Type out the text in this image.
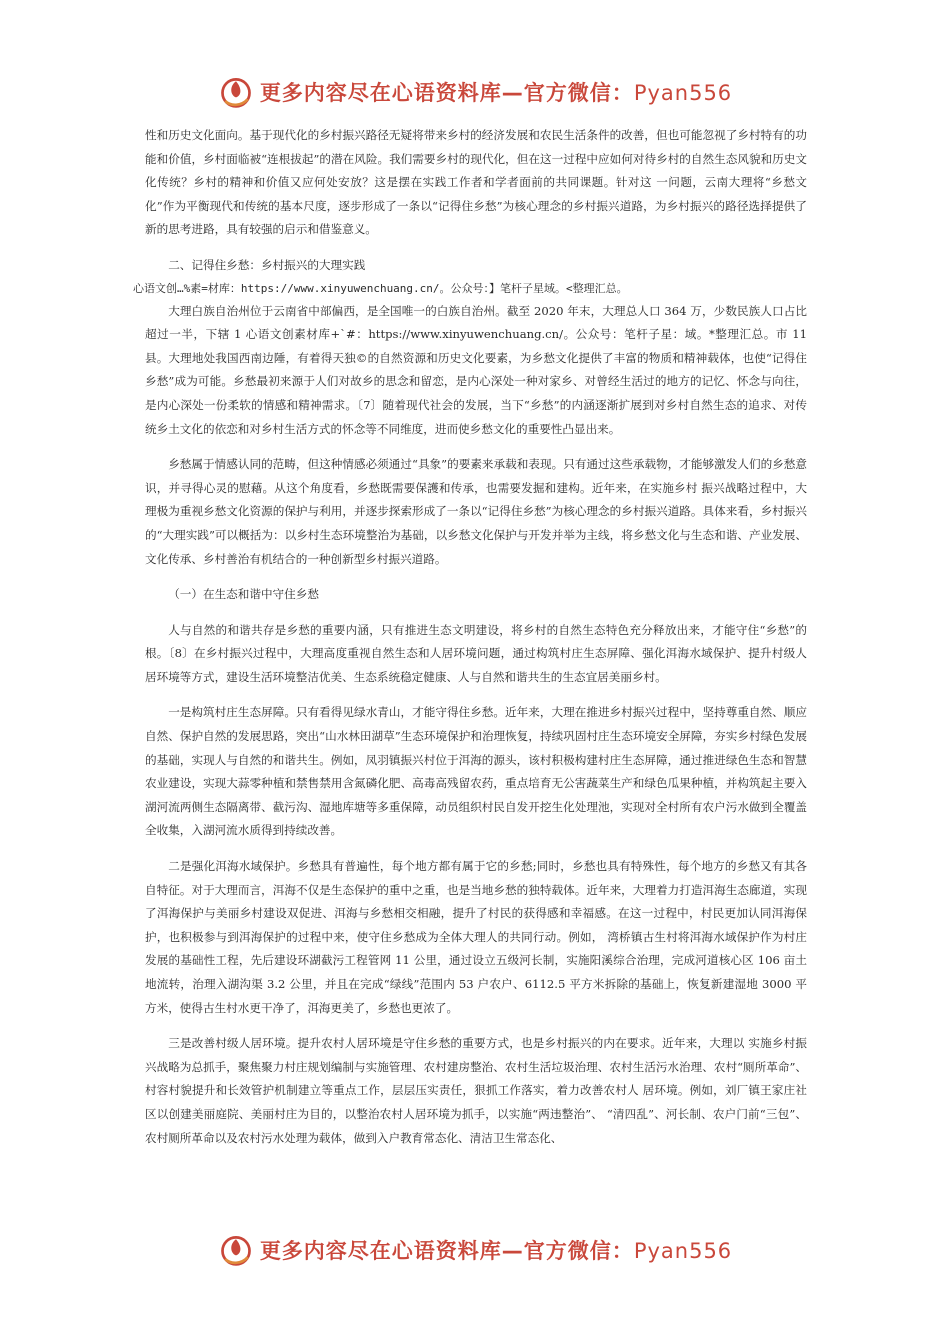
更多内容尽在心语资料库—官方微信：Pyan556

性和历史文化面向。基于现代化的乡村振兴路径无疑将带来乡村的经济发展和农民生活条件的改善，但也可能忽视了乡村特有的功能和价值，乡村面临被“连根拔起”的潜在风险。我们需要乡村的现代化，但在这一过程中应如何对待乡村的自然生态风貌和历史文化传统？乡村的精神和价值又应何处安放？这是摆在实践工作者和学者面前的共同课题。针对这 一问题，云南大理将“乡愁文化”作为平衡现代和传统的基本尺度，逐步形成了一条以“记得住乡愁”为核心理念的乡村振兴道路，为乡村振兴的路径选择提供了新的思考进路，具有较强的启示和借鉴意义。

二、记得住乡愁：乡村振兴的大理实践

心语文创…%素=材库：https://www.xinyuwenchuang.cn/。公众号：】笔杆子星域。<整理汇总。

大理白族自治州位于云南省中部偏西，是全国唯一的白族自治州。截至 2020 年末，大理总人口 364 万，少数民族人口占比超过一半，下辖 1 心语文创素材库+`#：https://www.xinyuwenchuang.cn/。公众号：笔杆子星：域。*整理汇总。市 11 县。大理地处我国西南边陲，有着得天独©的自然资源和历史文化要素，为乡愁文化提供了丰富的物质和精神载体，也使“记得住乡愁”成为可能。乡愁最初来源于人们对故乡的思念和留恋，是内心深处一种对家乡、对曾经生活过的地方的记忆、怀念与向往，是内心深处一份柔软的情感和精神需求。〔7〕随着现代社会的发展，当下“乡愁”的内涵逐渐扩展到对乡村自然生态的追求、对传统乡土文化的依恋和对乡村生活方式的怀念等不同维度，进而使乡愁文化的重要性凸显出来。

乡愁属于情感认同的范畴，但这种情感必须通过“具象”的要素来承载和表现。只有通过这些承载物，才能够激发人们的乡愁意识，并寻得心灵的慰藉。从这个角度看，乡愁既需要保護和传承，也需要发掘和建构。近年来，在实施乡村 振兴战略过程中，大理极为重视乡愁文化资源的保护与利用，并逐步探索形成了一条以“记得住乡愁”为核心理念的乡村振兴道路。具体来看，乡村振兴的“大理实践”可以概括为：以乡村生态环境整治为基础，以乡愁文化保护与开发并举为主线，将乡愁文化与生态和谐、产业发展、文化传承、乡村善治有机结合的一种创新型乡村振兴道路。

（一）在生态和谐中守住乡愁

人与自然的和谐共存是乡愁的重要内涵，只有推进生态文明建设，将乡村的自然生态特色充分释放出来，才能守住“乡愁”的根。〔8〕在乡村振兴过程中，大理高度重视自然生态和人居环境问题，通过构筑村庄生态屏障、强化洱海水域保护、提升村级人居环境等方式，建设生活环境整洁优美、生态系统稳定健康、人与自然和谐共生的生态宜居美丽乡村。

一是构筑村庄生态屏障。只有看得见绿水青山，才能守得住乡愁。近年来，大理在推进乡村振兴过程中，坚持尊重自然、顺应自然、保护自然的发展思路，突出“山水林田湖草”生态环境保护和治理恢复，持续巩固村庄生态环境安全屏障，夯实乡村绿色发展的基础，实现人与自然的和谐共生。例如，凤羽镇振兴村位于洱海的源头，该村积极构建村庄生态屏障，通过推进绿色生态和智慧农业建设，实现大蒜零种植和禁售禁用含氮磷化肥、高毒高残留农药，重点培育无公害蔬菜生产和绿色瓜果种植，并构筑起主要入湖河流两侧生态隔离带、截污沟、湿地库塘等多重保障，动员组织村民自发开挖生化处理池，实现对全村所有农户污水做到全覆盖全收集，入湖河流水质得到持续改善。

二是强化洱海水域保护。乡愁具有普遍性，每个地方都有属于它的乡愁;同时，乡愁也具有特殊性，每个地方的乡愁又有其各自特征。对于大理而言，洱海不仅是生态保护的重中之重，也是当地乡愁的独特载体。近年来，大理着力打造洱海生态廊道，实现了洱海保护与美丽乡村建设双促进、洱海与乡愁相交相融，提升了村民的获得感和幸福感。在这一过程中，村民更加认同洱海保护，也积极参与到洱海保护的过程中来，使守住乡愁成为全体大理人的共同行动。例如， 湾桥镇古生村将洱海水域保护作为村庄发展的基础性工程，先后建设环湖截污工程管网 11 公里，通过设立五级河长制，实施阳溪综合治理，完成河道核心区 106 亩土地流转，治理入湖沟渠 3.2 公里，并且在完成“绿线”范围内 53 户农户、6112.5 平方米拆除的基础上，恢复新建湿地 3000 平方米，使得古生村水更干净了，洱海更美了，乡愁也更浓了。

三是改善村级人居环境。提升农村人居环境是守住乡愁的重要方式，也是乡村振兴的内在要求。近年来，大理以 实施乡村振兴战略为总抓手，聚焦聚力村庄规划编制与实施管理、农村建房整治、农村生活垃圾治理、农村生活污水治理、农村“厕所革命”、村容村貌提升和长效管护机制建立等重点工作，层层压实责任，狠抓工作落实，着力改善农村人 居环境。例如，刘厂镇王家庄社区以创建美丽庭院、美丽村庄为目的，以整治农村人居环境为抓手，以实施“两违整治”、 “清四乱”、河长制、农户门前“三包”、农村厕所革命以及农村污水处理为载体，做到入户教育常态化、清洁卫生常态化、

更多内容尽在心语资料库—官方微信：Pyan556
